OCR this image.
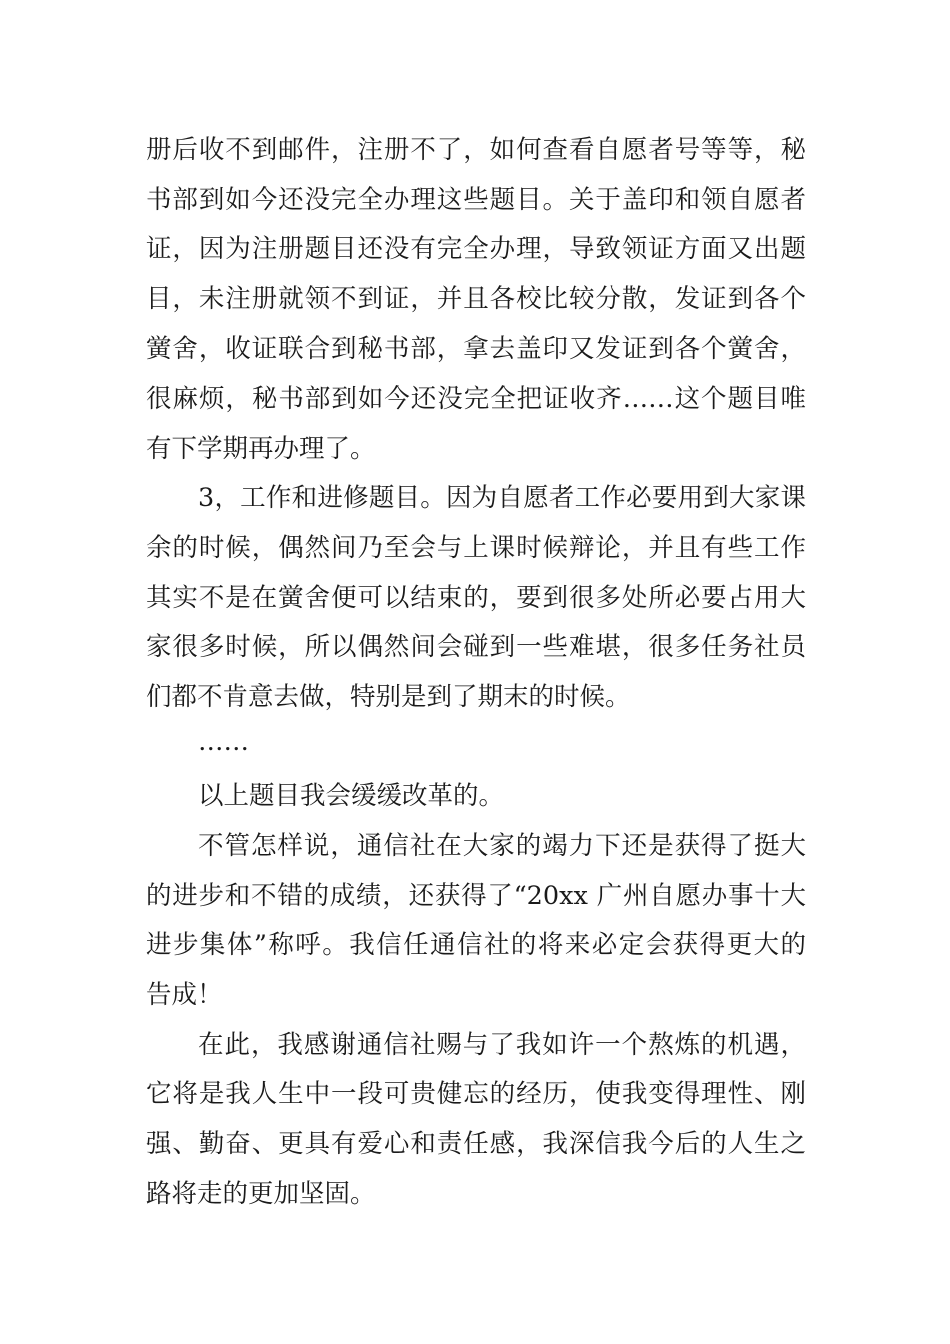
册后收不到邮件，注册不了，如何查看自愿者号等等，秘

书部到如今还没完全办理这些题目。关于盖印和领自愿者

证，因为注册题目还没有完全办理，导致领证方面又出题

目，未注册就领不到证，并且各校比较分散，发证到各个

黉舍，收证联合到秘书部，拿去盖印又发证到各个黉舍，

很麻烦，秘书部到如今还没完全把证收齐……这个题目唯

有下学期再办理了。

3，工作和进修题目。因为自愿者工作必要用到大家课

余的时候，偶然间乃至会与上课时候辩论，并且有些工作

其实不是在黉舍便可以结束的，要到很多处所必要占用大

家很多时候，所以偶然间会碰到一些难堪，很多任务社员

们都不肯意去做，特别是到了期末的时候。

……

以上题目我会缓缓改革的。

不管怎样说，通信社在大家的竭力下还是获得了挺大

的进步和不错的成绩，还获得了“20xx 广州自愿办事十大

进步集体”称呼。我信任通信社的将来必定会获得更大的

告成！

在此，我感谢通信社赐与了我如许一个熬炼的机遇，

它将是我人生中一段可贵健忘的经历，使我变得理性、刚

强、勤奋、更具有爱心和责任感，我深信我今后的人生之

路将走的更加坚固。
